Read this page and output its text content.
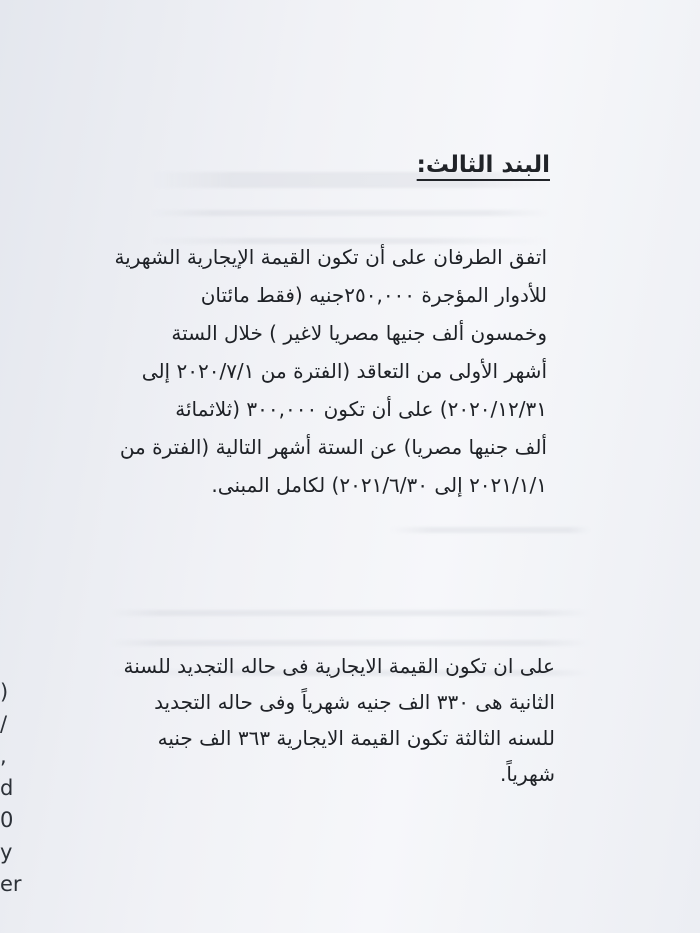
)
/
,
d
0
y
er
البند الثالث:
اتفق الطرفان على أن تكون القيمة الإيجارية الشهرية
للأدوار المؤجرة ٢٥٠,٠٠٠جنيه (فقط مائتان
وخمسون ألف جنيها مصريا لاغير ) خلال الستة
أشهر الأولى من التعاقد (الفترة من ٢٠٢٠/٧/١ إلى
٢٠٢٠/١٢/٣١) على أن تكون ٣٠٠,٠٠٠ (ثلاثمائة
ألف جنيها مصريا) عن الستة أشهر التالية (الفترة من
٢٠٢١/١/١ إلى ٢٠٢١/٦/٣٠) لكامل المبنى.
على ان تكون القيمة الايجارية فى حاله التجديد للسنة
الثانية هى ٣٣٠ الف جنيه شهرياً وفى حاله التجديد
للسنه الثالثة تكون القيمة الايجارية ٣٦٣ الف جنيه
شهرياً.
